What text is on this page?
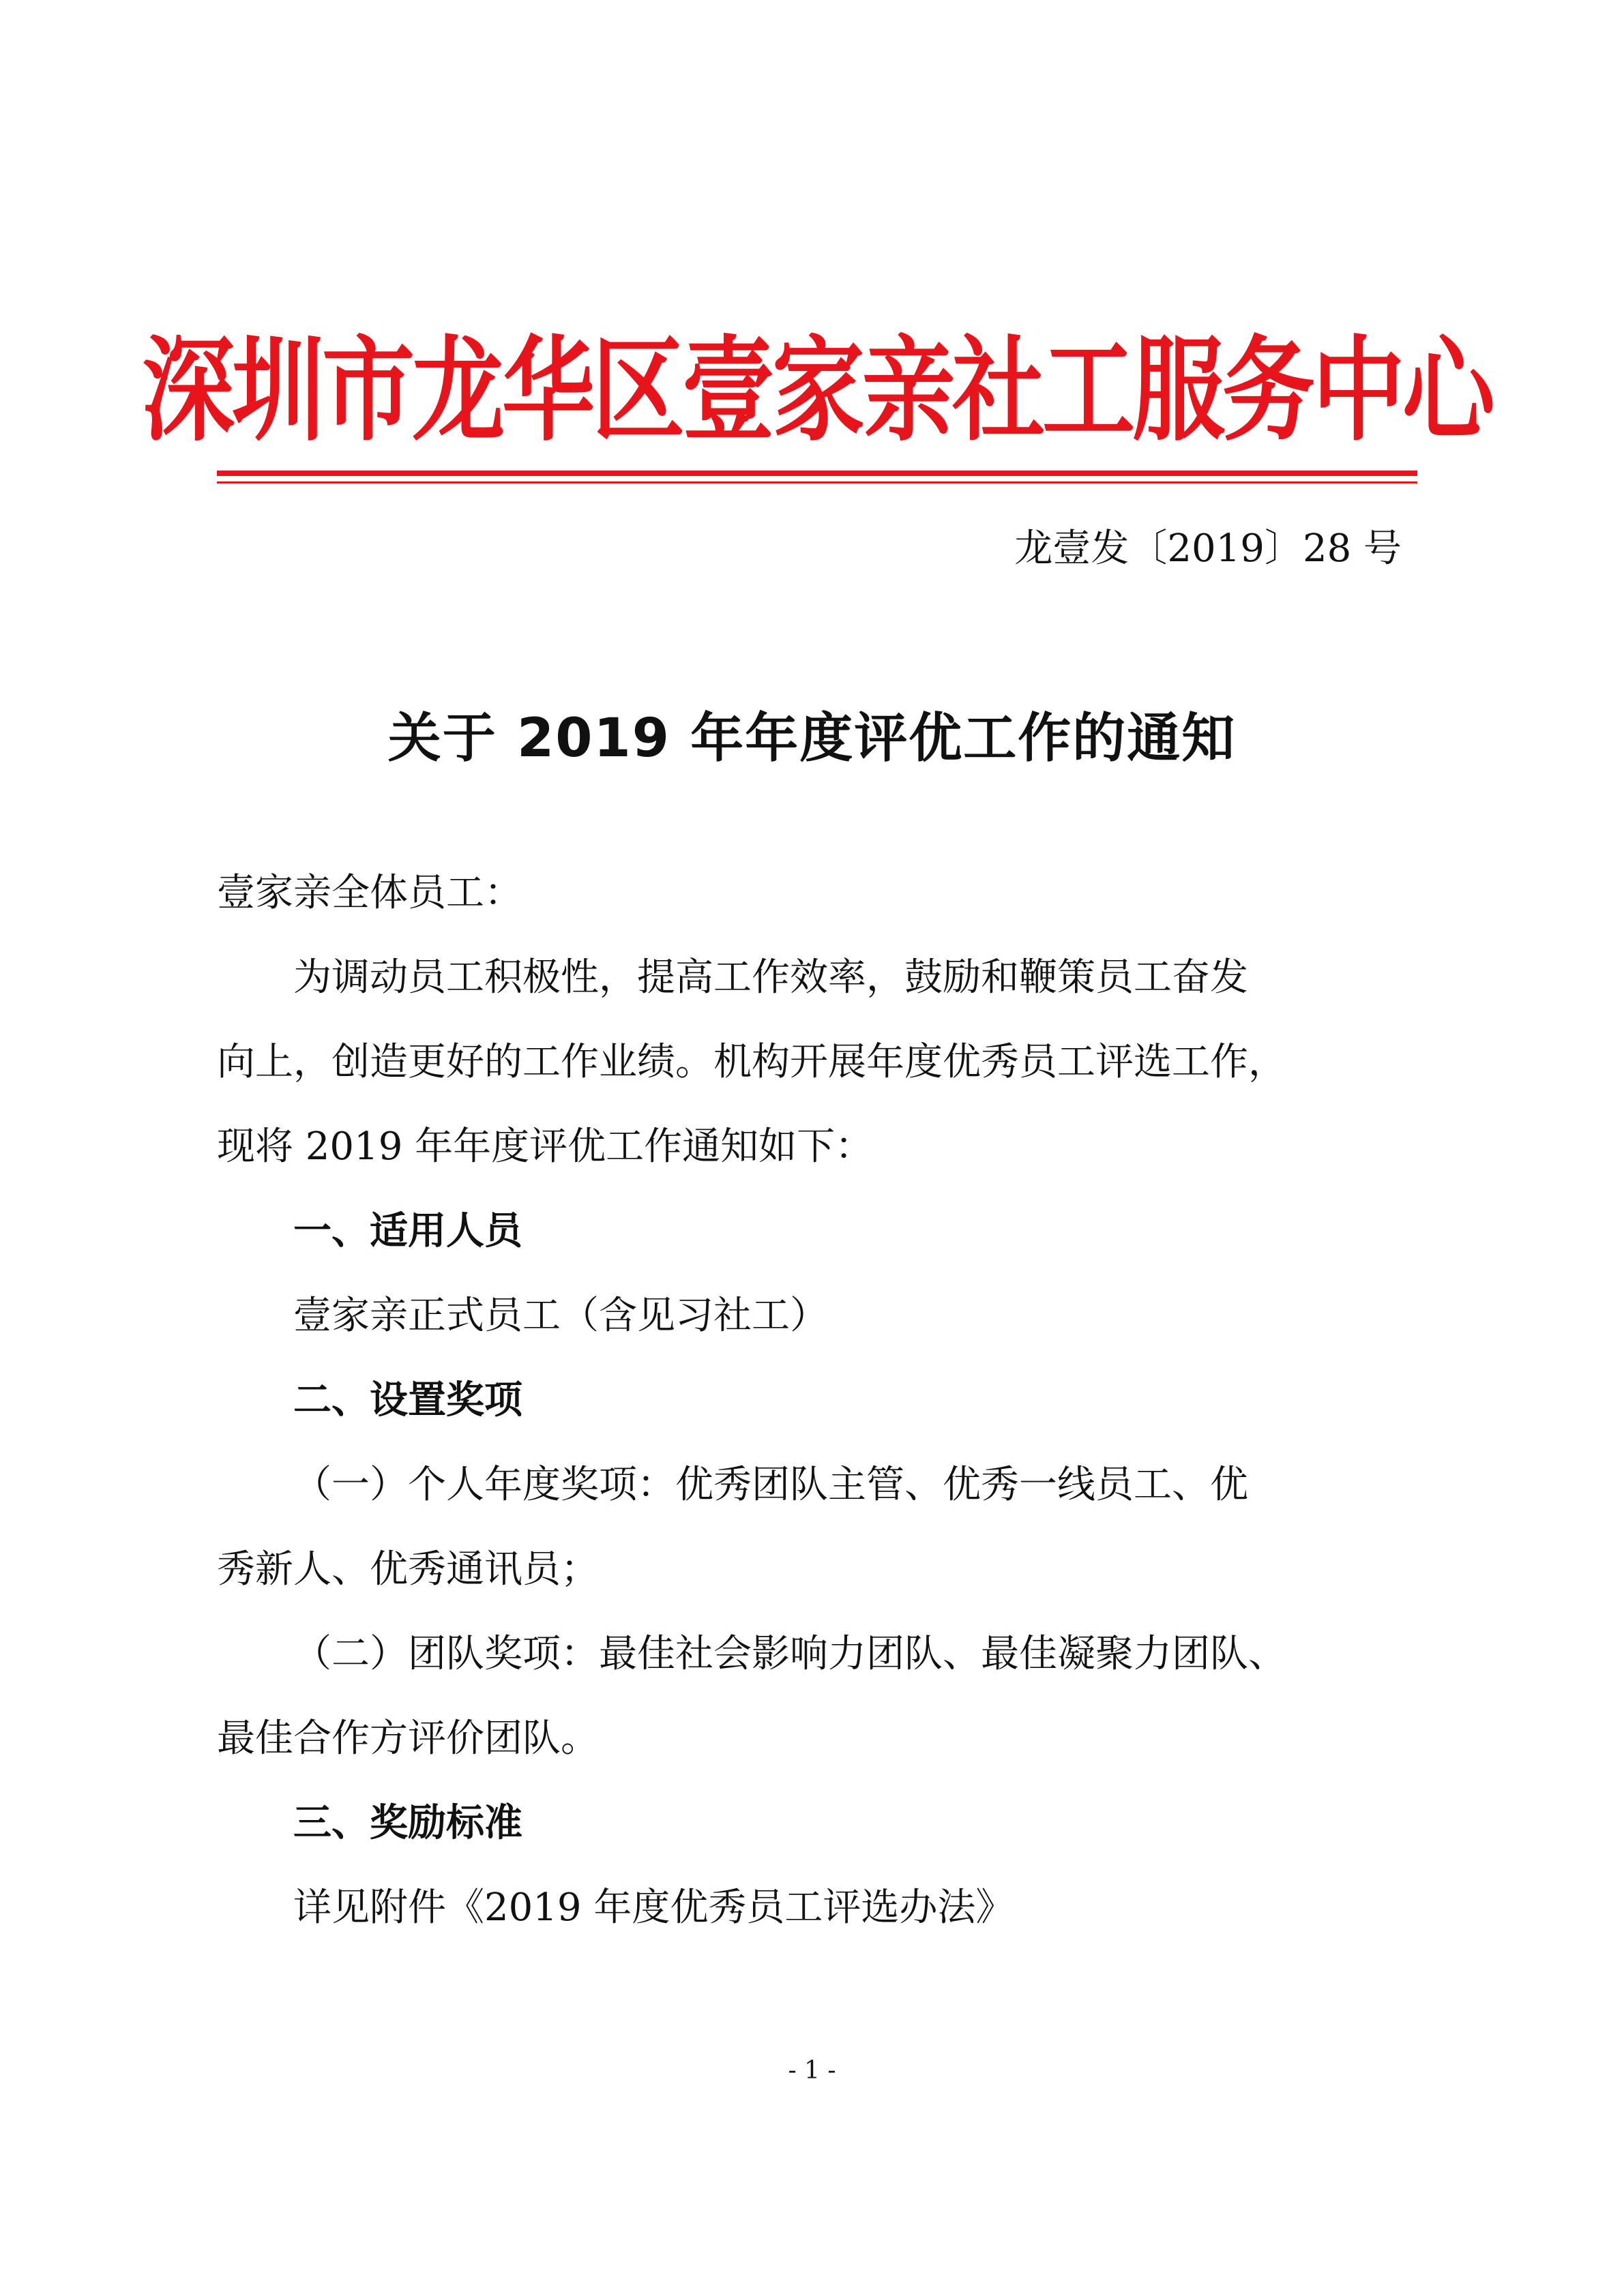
深圳市龙华区壹家亲社工服务中心
龙壹发〔2019〕28 号
关于 2019 年年度评优工作的通知
壹家亲全体员工：
为调动员工积极性，提高工作效率，鼓励和鞭策员工奋发
向上，创造更好的工作业绩。机构开展年度优秀员工评选工作，
现将 2019 年年度评优工作通知如下：
一、适用人员
壹家亲正式员工（含见习社工）
二、设置奖项
（一）个人年度奖项：优秀团队主管、优秀一线员工、优
秀新人、优秀通讯员；
（二）团队奖项：最佳社会影响力团队、最佳凝聚力团队、
最佳合作方评价团队。
三、奖励标准
详见附件《2019 年度优秀员工评选办法》
- 1 -
